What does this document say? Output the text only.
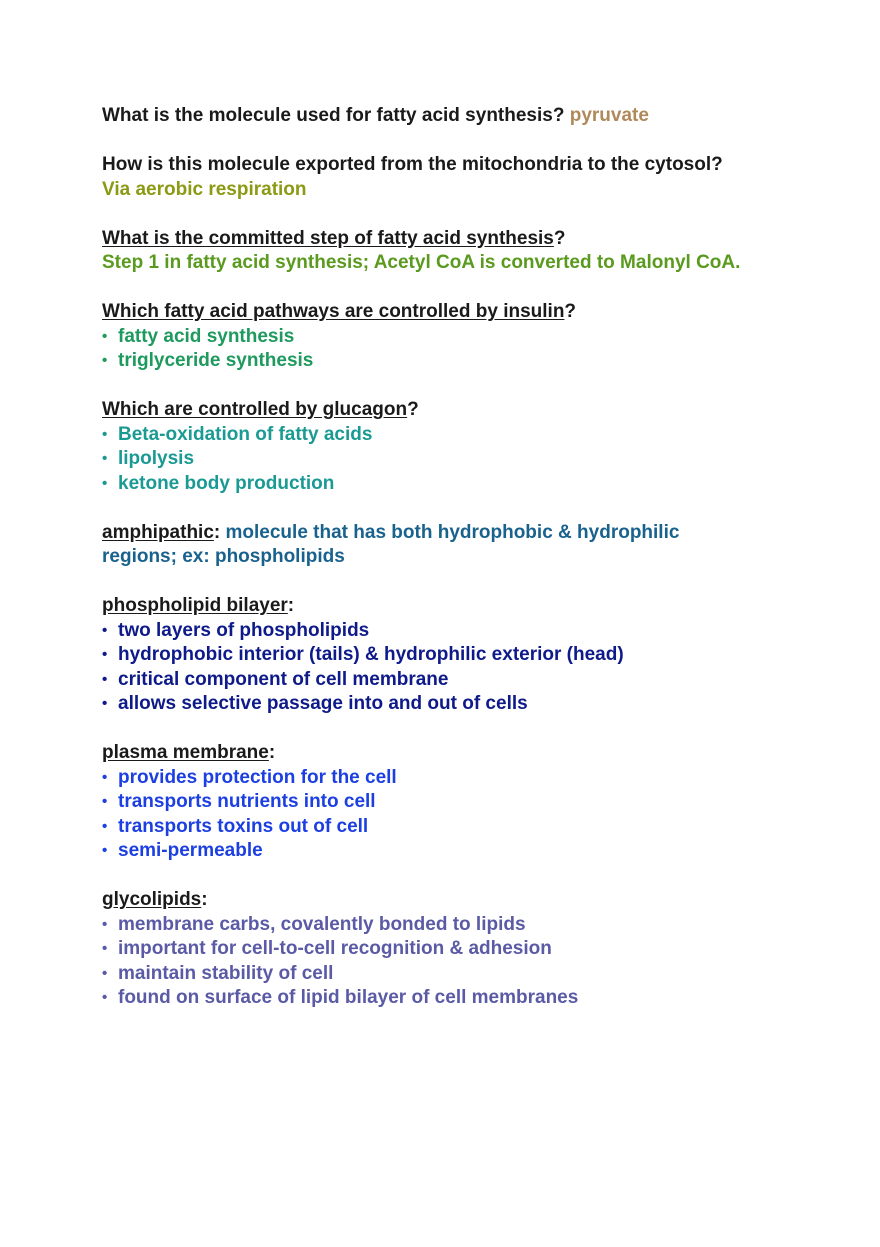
What is the molecule used for fatty acid synthesis? pyruvate
How is this molecule exported from the mitochondria to the cytosol?
Via aerobic respiration
What is the committed step of fatty acid synthesis?
Step 1 in fatty acid synthesis; Acetyl CoA is converted to Malonyl CoA.
Which fatty acid pathways are controlled by insulin?
• fatty acid synthesis
• triglyceride synthesis
Which are controlled by glucagon?
• Beta-oxidation of fatty acids
• lipolysis
• ketone body production
amphipathic: molecule that has both hydrophobic & hydrophilic regions; ex: phospholipids
phospholipid bilayer:
• two layers of phospholipids
• hydrophobic interior (tails) & hydrophilic exterior (head)
• critical component of cell membrane
• allows selective passage into and out of cells
plasma membrane:
• provides protection for the cell
• transports nutrients into cell
• transports toxins out of cell
• semi-permeable
glycolipids:
• membrane carbs, covalently bonded to lipids
• important for cell-to-cell recognition & adhesion
• maintain stability of cell
• found on surface of lipid bilayer of cell membranes
